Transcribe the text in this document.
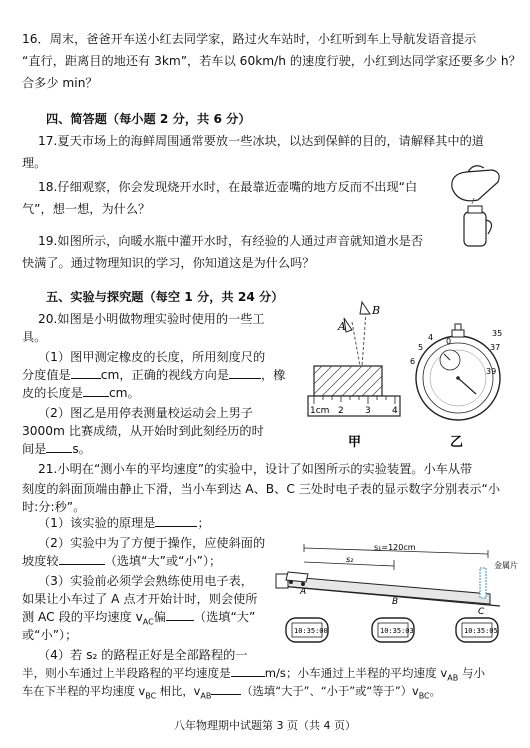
16．周末，爸爸开车送小红去同学家，路过火车站时，小红听到车上导航发语音提示
“直行，距离目的地还有 3km”，若车以 60km/h 的速度行驶，小红到达同学家还要多少 h？
合多少 min？
四、简答题（每小题 2 分，共 6 分）
17.夏天市场上的海鲜周围通常要放一些冰块，以达到保鲜的目的，请解释其中的道
理。
18.仔细观察，你会发现烧开水时，在最靠近壶嘴的地方反而不出现“白
气”，想一想，为什么？
19.如图所示，向暖水瓶中灌开水时，有经验的人通过声音就知道水是否
快满了。通过物理知识的学习，你知道这是为什么吗？
五、实验与探究题（每空 1 分，共 24 分）
20.如图是小明做物理实验时使用的一些工
具。
（1）图甲测定橡皮的长度，所用刻度尺的
分度值是 cm，正确的视线方向是	，橡
皮的长度是 cm。
（2）图乙是用停表测量校运动会上男子
3000m 比赛成绩，从开始时到此刻经历的时
间是 s。
A
B
1cm 2 3 4
甲
0
5
6
4
37
35
39
乙
21.小明在“测小车的平均速度”的实验中，设计了如图所示的实验装置。小车从带
刻度的斜面顶端由静止下滑，当小车到达 A、B、C 三处时电子表的显示数字分别表示“小
时:分:秒”。
（1）该实验的原理是	；
（2）实验中为了方便于操作，应使斜面的
坡度较	（选填“大”或“小”）；
（3）实验前必须学会熟练使用电子表，
如果让小车过了 A 点才开始计时，则会使所
测 AC 段的平均速度 $v_{AC}$偏 （选填“大”
或“小”）；
（4）若 s₂ 的路程正好是全部路程的一
半，则小车通过上半段路程的平均速度是	m/s；小车通过上半程的平均速度 $v_{AB}$ 与小
车在下半程的平均速度 $v_{BC}$ 相比，$v_{AB}$	（选填“大于”、“小于”或“等于$”)v_{BC}$。
s₁=120cm
s₂
金属片
A
B
C
10:35:00	10:35:03	10:35:05
八年物理期中试题第 3 页（共 4 页）
